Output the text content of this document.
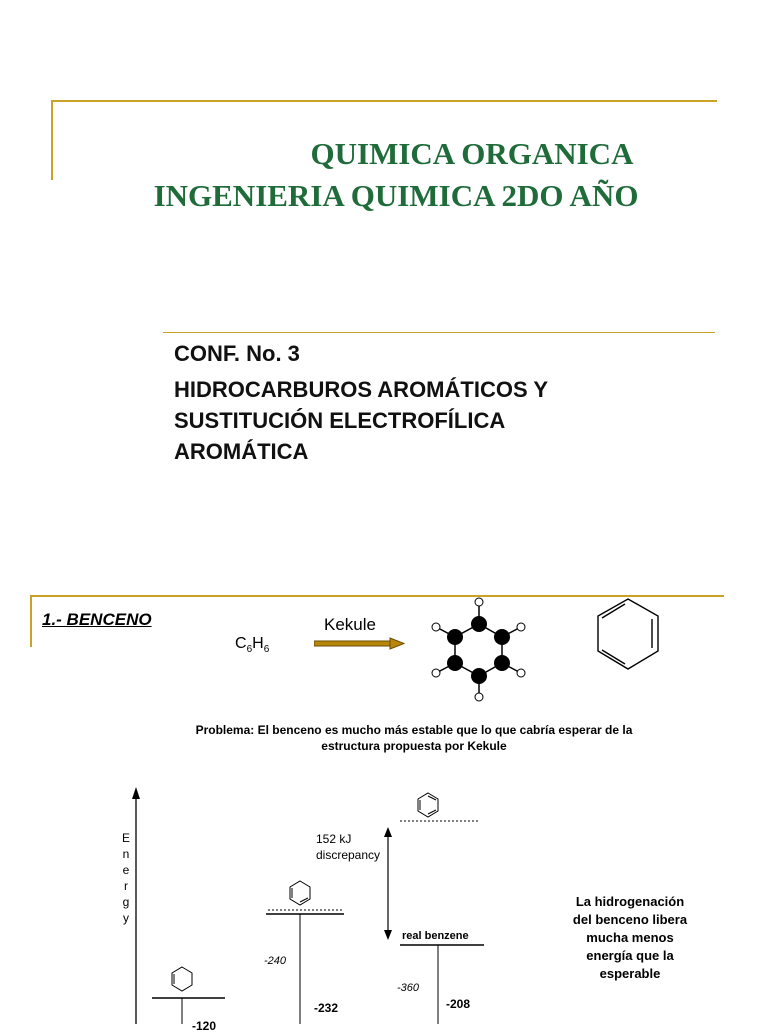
QUIMICA ORGANICA
INGENIERIA QUIMICA 2DO AÑO
CONF. No. 3
HIDROCARBUROS AROMÁTICOS Y
SUSTITUCIÓN ELECTROFÍLICA
AROMÁTICA
1.- BENCENO
$C_6H_6$
Kekule
Problema: El benceno es mucho más estable que lo que cabría esperar de la
estructura propuesta por Kekule
E
n
e
r
g
y
152 kJ
discrepancy
real benzene
-240
-232
-360
-208
-120
La hidrogenación
del benceno libera
mucha menos
energía que la
esperable
